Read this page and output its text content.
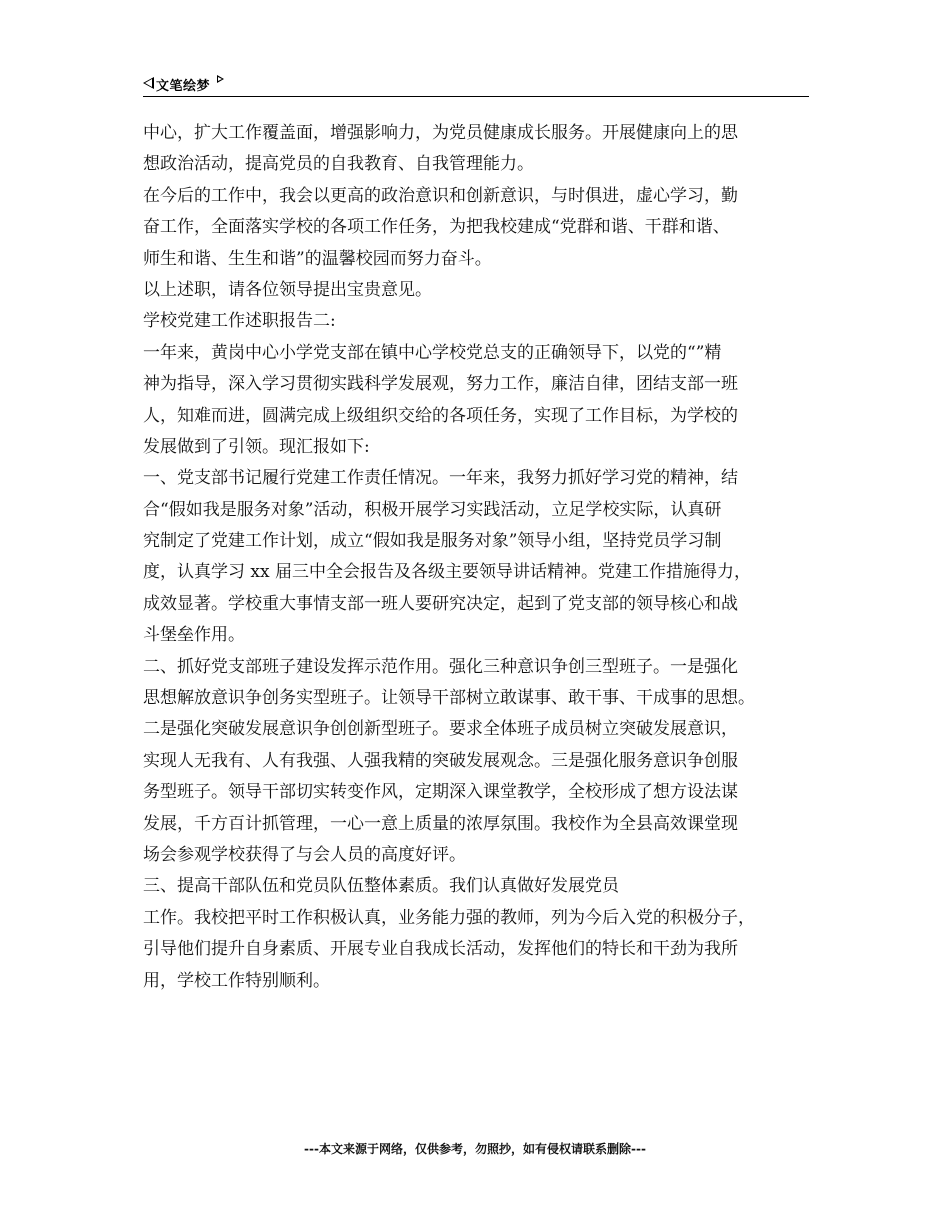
文笔绘梦
中心，扩大工作覆盖面，增强影响力，为党员健康成长服务。开展健康向上的思
想政治活动，提高党员的自我教育、自我管理能力。
在今后的工作中，我会以更高的政治意识和创新意识，与时俱进，虚心学习，勤
奋工作，全面落实学校的各项工作任务，为把我校建成“党群和谐、干群和谐、
师生和谐、生生和谐”的温馨校园而努力奋斗。
以上述职，请各位领导提出宝贵意见。
学校党建工作述职报告二:
一年来，黄岗中心小学党支部在镇中心学校党总支的正确领导下，以党的“”精
神为指导，深入学习贯彻实践科学发展观，努力工作，廉洁自律，团结支部一班
人，知难而进，圆满完成上级组织交给的各项任务，实现了工作目标，为学校的
发展做到了引领。现汇报如下:
一、党支部书记履行党建工作责任情况。一年来，我努力抓好学习党的精神，结
合“假如我是服务对象”活动，积极开展学习实践活动，立足学校实际，认真研
究制定了党建工作计划，成立“假如我是服务对象”领导小组，坚持党员学习制
度，认真学习 xx 届三中全会报告及各级主要领导讲话精神。党建工作措施得力，
成效显著。学校重大事情支部一班人要研究决定，起到了党支部的领导核心和战
斗堡垒作用。
二、抓好党支部班子建设发挥示范作用。强化三种意识争创三型班子。一是强化
思想解放意识争创务实型班子。让领导干部树立敢谋事、敢干事、干成事的思想。
二是强化突破发展意识争创创新型班子。要求全体班子成员树立突破发展意识，
实现人无我有、人有我强、人强我精的突破发展观念。三是强化服务意识争创服
务型班子。领导干部切实转变作风，定期深入课堂教学，全校形成了想方设法谋
发展，千方百计抓管理，一心一意上质量的浓厚氛围。我校作为全县高效课堂现
场会参观学校获得了与会人员的高度好评。
三、提高干部队伍和党员队伍整体素质。我们认真做好发展党员
工作。我校把平时工作积极认真，业务能力强的教师，列为今后入党的积极分子，
引导他们提升自身素质、开展专业自我成长活动，发挥他们的特长和干劲为我所
用，学校工作特别顺利。
---本文来源于网络，仅供参考，勿照抄，如有侵权请联系删除---
